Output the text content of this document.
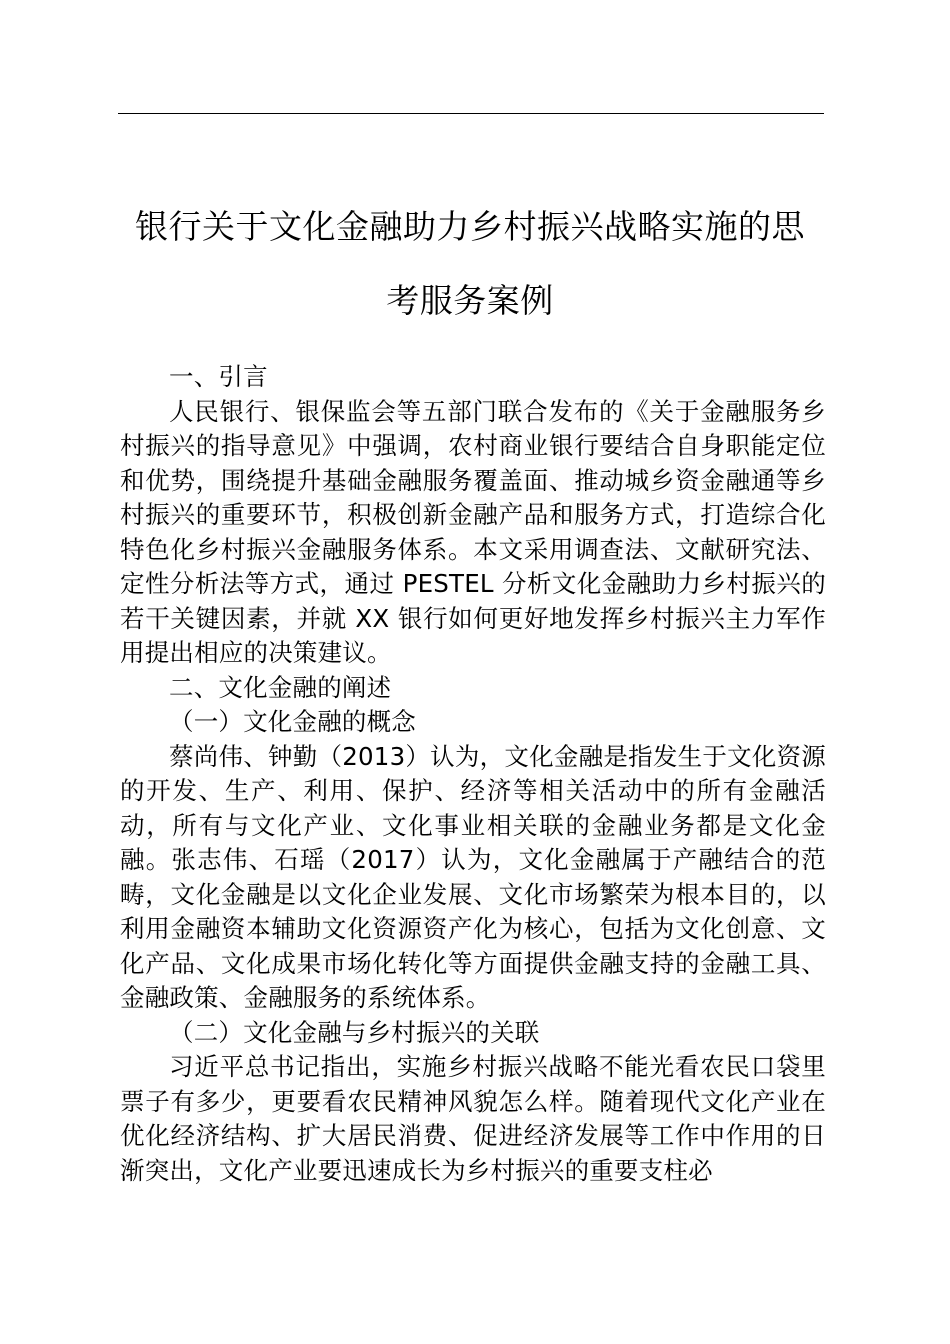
银行关于文化金融助力乡村振兴战略实施的思
考服务案例

一、引言

人民银行、银保监会等五部门联合发布的《关于金融服务乡村振兴的指导意见》中强调，农村商业银行要结合自身职能定位和优势，围绕提升基础金融服务覆盖面、推动城乡资金融通等乡村振兴的重要环节，积极创新金融产品和服务方式，打造综合化特色化乡村振兴金融服务体系。本文采用调查法、文献研究法、定性分析法等方式，通过 PESTEL 分析文化金融助力乡村振兴的若干关键因素，并就 XX 银行如何更好地发挥乡村振兴主力军作用提出相应的决策建议。

二、文化金融的阐述

（一）文化金融的概念

蔡尚伟、钟勤（2013）认为，文化金融是指发生于文化资源的开发、生产、利用、保护、经济等相关活动中的所有金融活动，所有与文化产业、文化事业相关联的金融业务都是文化金融。张志伟、石瑶（2017）认为，文化金融属于产融结合的范畴，文化金融是以文化企业发展、文化市场繁荣为根本目的，以利用金融资本辅助文化资源资产化为核心，包括为文化创意、文化产品、文化成果市场化转化等方面提供金融支持的金融工具、金融政策、金融服务的系统体系。

（二）文化金融与乡村振兴的关联

习近平总书记指出，实施乡村振兴战略不能光看农民口袋里票子有多少，更要看农民精神风貌怎么样。随着现代文化产业在优化经济结构、扩大居民消费、促进经济发展等工作中作用的日渐突出，文化产业要迅速成长为乡村振兴的重要支柱必
